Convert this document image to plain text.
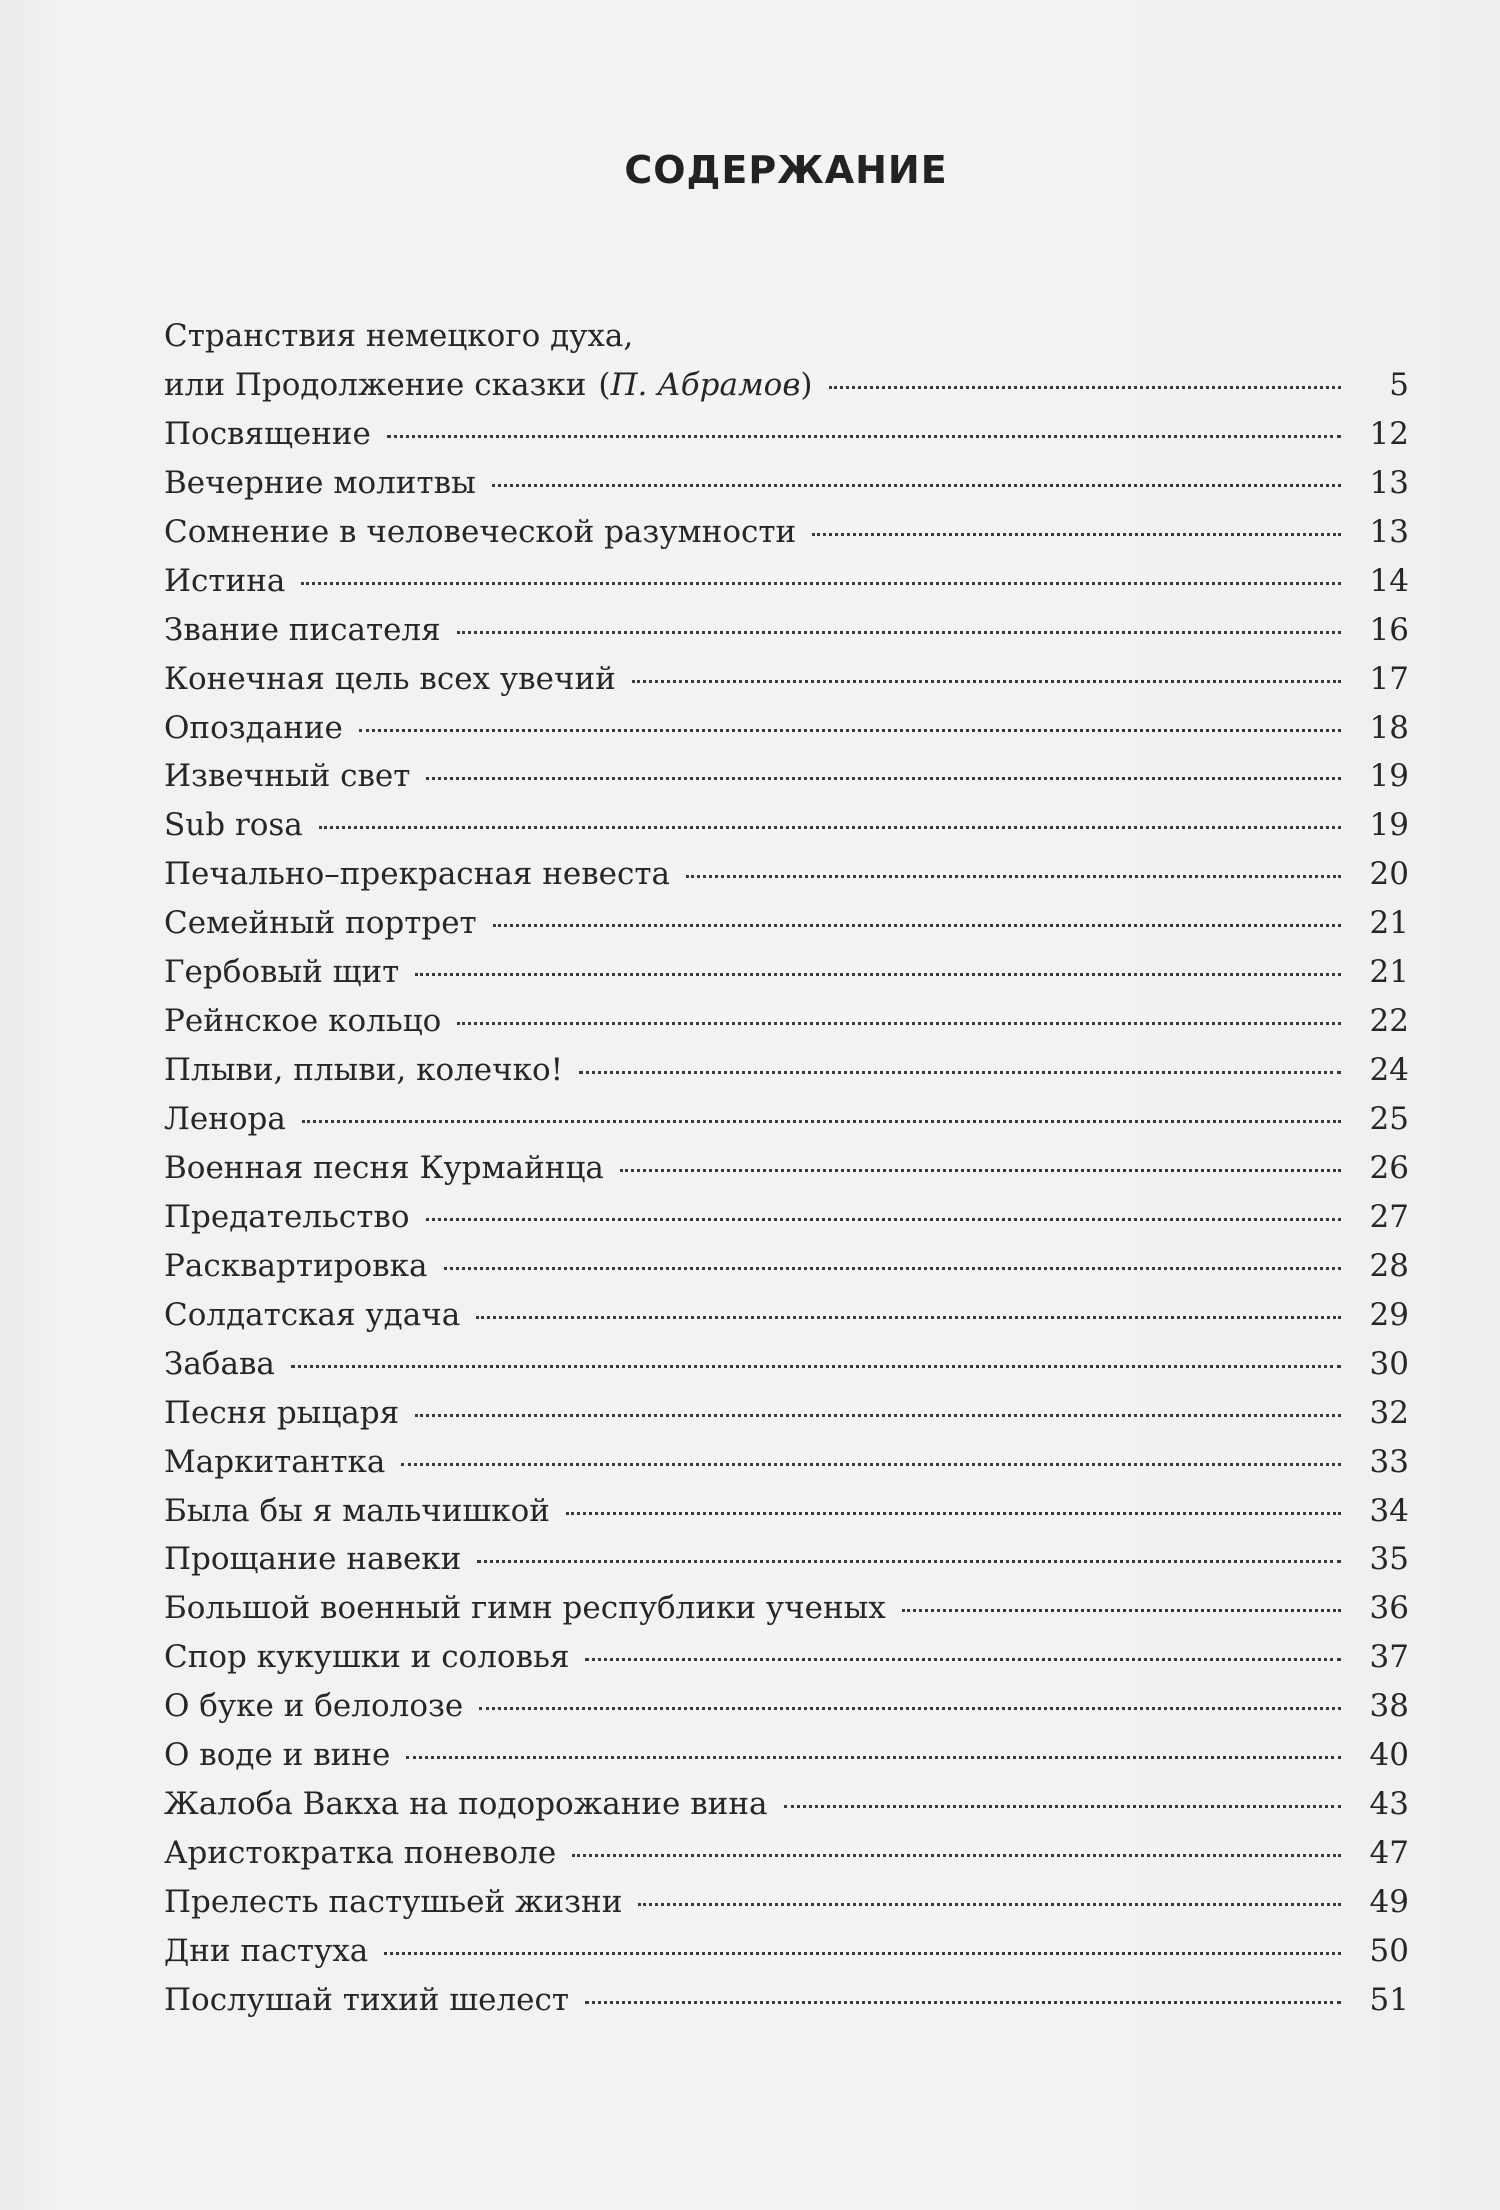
СОДЕРЖАНИЕ
Странствия немецкого духа,
или Продолжение сказки (П. Абрамов)	5
Посвящение	12
Вечерние молитвы	13
Сомнение в человеческой разумности	13
Истина	14
Звание писателя	16
Конечная цель всех увечий	17
Опоздание	18
Извечный свет	19
Sub rosa	19
Печально–прекрасная невеста	20
Семейный портрет	21
Гербовый щит	21
Рейнское кольцо	22
Плыви, плыви, колечко!	24
Ленора	25
Военная песня Курмайнца	26
Предательство	27
Расквартировка	28
Солдатская удача	29
Забава	30
Песня рыцаря	32
Маркитантка	33
Была бы я мальчишкой	34
Прощание навеки	35
Большой военный гимн республики ученых	36
Спор кукушки и соловья	37
О буке и белолозе	38
О воде и вине	40
Жалоба Вакха на подорожание вина	43
Аристократка поневоле	47
Прелесть пастушьей жизни	49
Дни пастуха	50
Послушай тихий шелест	51
